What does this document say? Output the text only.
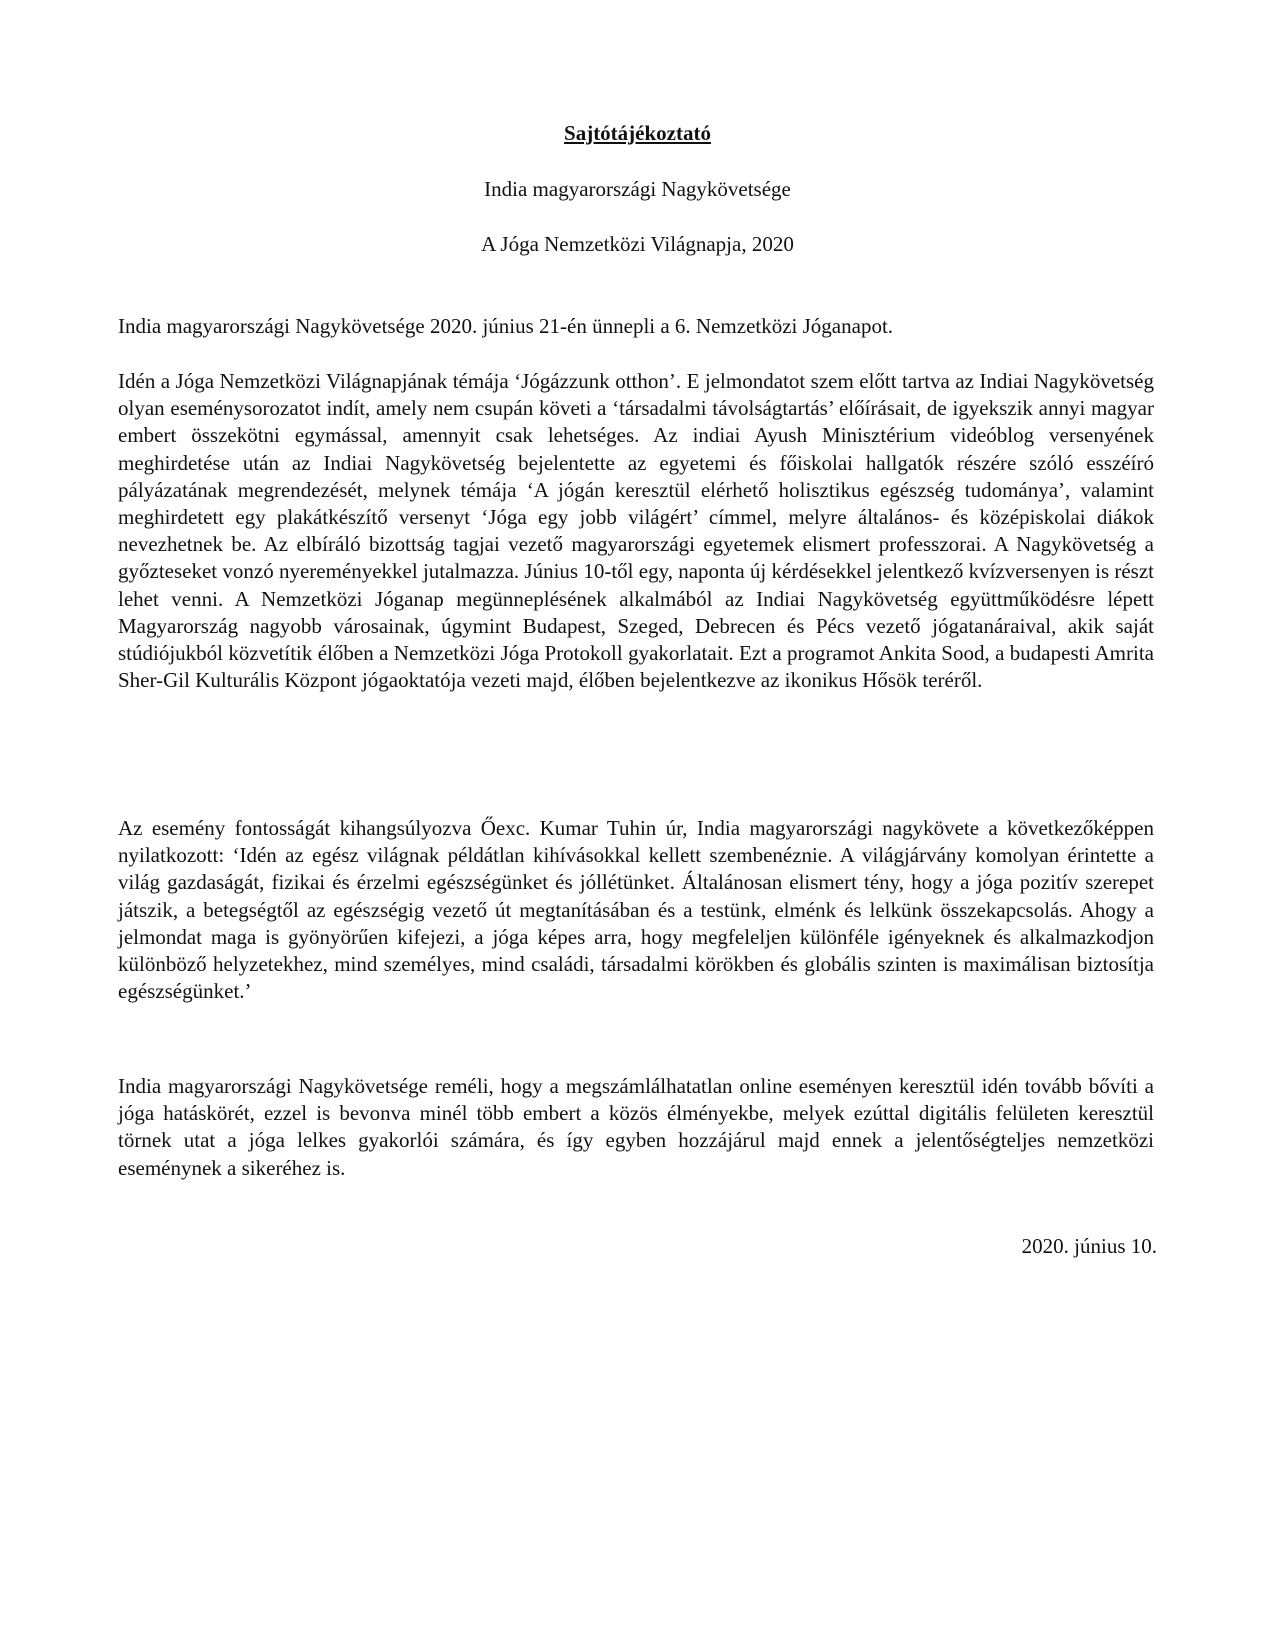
Sajtótájékoztató

India magyarországi Nagykövetsége

A Jóga Nemzetközi Világnapja, 2020

India magyarországi Nagykövetsége 2020. június 21-én ünnepli a 6. Nemzetközi Jóganapot.

Idén a Jóga Nemzetközi Világnapjának témája ‘Jógázzunk otthon’. E jelmondatot szem előtt tartva az Indiai Nagykövetség olyan eseménysorozatot indít, amely nem csupán követi a ‘társadalmi távolságtartás’ előírásait, de igyekszik annyi magyar embert összekötni egymással, amennyit csak lehetséges. Az indiai Ayush Minisztérium videóblog versenyének meghirdetése után az Indiai Nagykövetség bejelentette az egyetemi és főiskolai hallgatók részére szóló esszéíró pályázatának megrendezését, melynek témája ‘A jógán keresztül elérhető holisztikus egészség tudománya’, valamint meghirdetett egy plakátkészítő versenyt ‘Jóga egy jobb világért’ címmel, melyre általános- és középiskolai diákok nevezhetnek be. Az elbíráló bizottság tagjai vezető magyarországi egyetemek elismert professzorai. A Nagykövetség a győzteseket vonzó nyereményekkel jutalmazza. Június 10-től egy, naponta új kérdésekkel jelentkező kvízversenyen is részt lehet venni. A Nemzetközi Jóganap megünneplésének alkalmából az Indiai Nagykövetség együttműködésre lépett Magyarország nagyobb városainak, úgymint Budapest, Szeged, Debrecen és Pécs vezető jógatanáraival, akik saját stúdiójukból közvetítik élőben a Nemzetközi Jóga Protokoll gyakorlatait. Ezt a programot Ankita Sood, a budapesti Amrita Sher-Gil Kulturális Központ jógaoktatója vezeti majd, élőben bejelentkezve az ikonikus Hősök teréről.

Az esemény fontosságát kihangsúlyozva Őexc. Kumar Tuhin úr, India magyarországi nagykövete a következőképpen nyilatkozott: ‘Idén az egész világnak példátlan kihívásokkal kellett szembenéznie. A világjárvány komolyan érintette a világ gazdaságát, fizikai és érzelmi egészségünket és jóllétünket. Általánosan elismert tény, hogy a jóga pozitív szerepet játszik, a betegségtől az egészségig vezető út megtanításában és a testünk, elménk és lelkünk összekapcsolás. Ahogy a jelmondat maga is gyönyörűen kifejezi, a jóga képes arra, hogy megfeleljen különféle igényeknek és alkalmazkodjon különböző helyzetekhez, mind személyes, mind családi, társadalmi körökben és globális szinten is maximálisan biztosítja egészségünket.’

India magyarországi Nagykövetsége reméli, hogy a megszámlálhatatlan online eseményen keresztül idén tovább bővíti a jóga hatáskörét, ezzel is bevonva minél több embert a közös élményekbe, melyek ezúttal digitális felületen keresztül törnek utat a jóga lelkes gyakorlói számára, és így egyben hozzájárul majd ennek a jelentőségteljes nemzetközi eseménynek a sikeréhez is.

2020. június 10.
